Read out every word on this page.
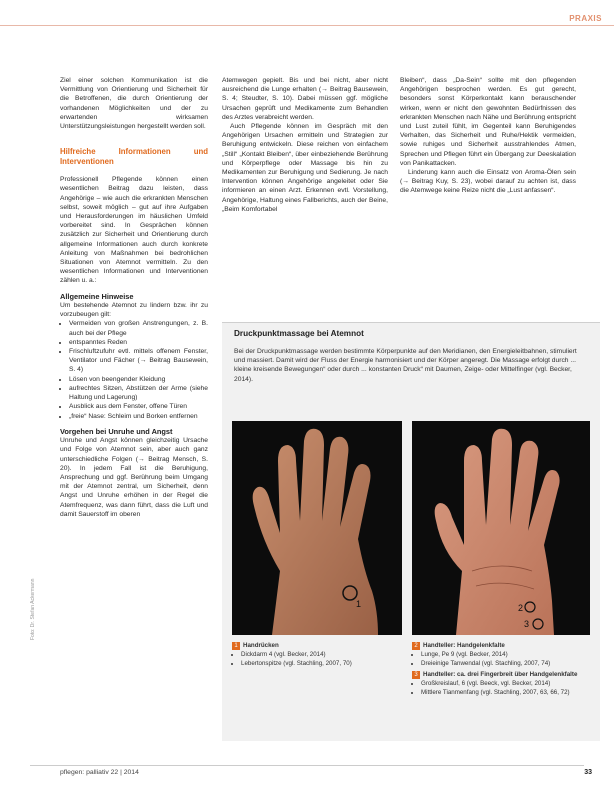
PRAXIS

Ziel einer solchen Kommunikation ist die Vermittlung von Orientierung und Sicherheit für die Betroffenen, die durch Orientierung der vorhandenen Möglichkeiten und der zu erwartenden wirksamen Unterstützungsleistungen hergestellt werden soll.

Hilfreiche Informationen und Interventionen

Professionell Pflegende können einen wesentlichen Beitrag dazu leisten, dass Angehörige – wie auch die erkrankten Menschen selbst, soweit möglich – gut auf ihre Aufgaben und Herausforderungen im häuslichen Umfeld vorbereitet sind. In Gesprächen können zusätzlich zur Sicherheit und Orientierung durch allgemeine Informationen auch durch konkrete Anleitung von Maßnahmen bei bedrohlichen Situationen von Atemnot vermitteln. Zu den wesentlichen Informationen und Interventionen zählen u. a.:

Allgemeine Hinweise

Um bestehende Atemnot zu lindern bzw. ihr zu vorzubeugen gilt:

• Vermeiden von großen Anstrengungen, z. B. auch bei der Pflege
• entspanntes Reden
• Frischluftzufuhr evtl. mittels offenem Fenster, Ventilator und Fächer (→ Beitrag Bausewein, S. 4)
• Lösen von beengender Kleidung
• aufrechtes Sitzen, Abstützen der Arme (siehe Haltung und Lagerung)
• Ausblick aus dem Fenster, offene Türen
• „freie“ Nase: Schleim und Borken entfernen

Vorgehen bei Unruhe und Angst

Unruhe und Angst können gleichzeitig Ursache und Folge von Atemnot sein, aber auch ganz unterschiedliche Folgen (→ Beitrag Mensch, S. 20). In jedem Fall ist die Beruhigung, Ansprechung und ggf. Berührung beim Umgang mit der Atemnot zentral, um Sicherheit, denn Angst und Unruhe erhöhen in der Regel die Atemfrequenz, was dann führt, dass die Luft und damit Sauerstoff im oberen

Atemwegen gepielt. Bis und bei nicht, aber nicht ausreichend die Lunge erhalten (→ Beitrag Bausewein, S. 4; Steudter, S. 10). Dabei müssen ggf. mögliche Ursachen geprüft und Medikamente zum Behandlen des Arztes verabreicht werden.

Auch Pflegende können im Gespräch mit den Angehörigen Ursachen ermitteln und Strategien zur Beruhigung entwickeln. Diese reichen von einfachem „Still“ „Kontakt Bleiben“, über einbeziehende Berührung und Körperpflege oder Massage bis hin zu Medikamenten zur Beruhigung und Sedierung. Je nach Intervention können Angehörige angeleitet oder Sie informieren an einen Arzt. Erkennen evtl. Vorstellung, Angehörige, Haltung eines Fallberichts, auch der Beine, „Beim Komfortabel

Bleiben“, dass „Da-Sein“ sollte mit den pflegenden Angehörigen besprochen werden. Es gut gerecht, besonders sonst Körperkontakt kann berauschender wirken, wenn er nicht den gewohnten Bedürfnissen des erkrankten Menschen nach Nähe und Berührung entspricht und Lust zuteil fühlt, im Gegenteil kann Beruhigendes Verhalten, das Sicherheit und Ruhe/Hektik vermeiden, sowie ruhiges und Sicherheit ausstrahlendes Atmen, Sprechen und Pflegen führt ein Übergang zur Deeskalation von Panikattacken.

Linderung kann auch die Einsatz von Aroma-Ölen sein (→ Beitrag Kuy, S. 23), wobei darauf zu achten ist, dass die Atemwege keine Reize nicht die „Lust anfassen“.

Druckpunktmassage bei Atemnot
Bei der Druckpunktmassage werden bestimmte Körperpunkte auf den Meridianen, den Energieleitbahnen, stimuliert und massiert. Damit wird der Fluss der Energie harmonisiert und der Körper angeregt. Die Massage erfolgt durch ... kleine kreisende Bewegungen“ oder durch ... konstanten Druck“ mit Daumen, Zeige- oder Mittelfinger (vgl. Becker, 2014).
1	2
3
1 Handrücken
• Dickdarm 4 (vgl. Becker, 2014)
• Lebertonspitze (vgl. Stachling, 2007, 70)
2 Handteller: Handgelenkfalte
• Lunge, Pe 9 (vgl. Becker, 2014)
• Dreieinige Tanwendal (vgl. Stachling, 2007, 74)
3 Handteller: ca. drei Fingerbreit über Handgelenkfalte
• Großkreislauf, 6 (vgl. Beeck, vgl. Becker, 2014)
• Mittlere Tianmenfang (vgl. Stachling, 2007, 63, 66, 72)
Foto: Dr. Stefan Ackermann
pflegen: palliativ 22 | 2014	33
